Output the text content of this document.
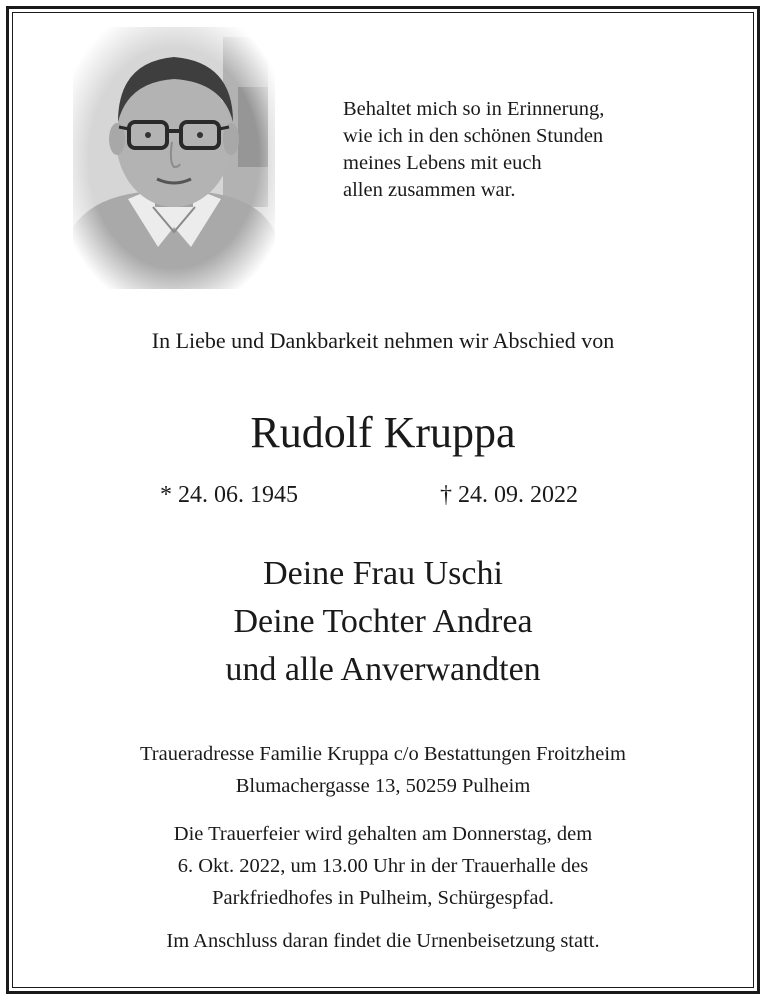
Behaltet mich so in Erinnerung,
wie ich in den schönen Stunden
meines Lebens mit euch
allen zusammen war.
In Liebe und Dankbarkeit nehmen wir Abschied von
Rudolf Kruppa
* 24. 06. 1945	† 24. 09. 2022
Deine Frau Uschi
Deine Tochter Andrea
und alle Anverwandten
Traueradresse Familie Kruppa c/o Bestattungen Froitzheim
Blumachergasse 13, 50259 Pulheim
Die Trauerfeier wird gehalten am Donnerstag, dem
6. Okt. 2022, um 13.00 Uhr in der Trauerhalle des
Parkfriedhofes in Pulheim, Schürgespfad.
Im Anschluss daran findet die Urnenbeisetzung statt.
